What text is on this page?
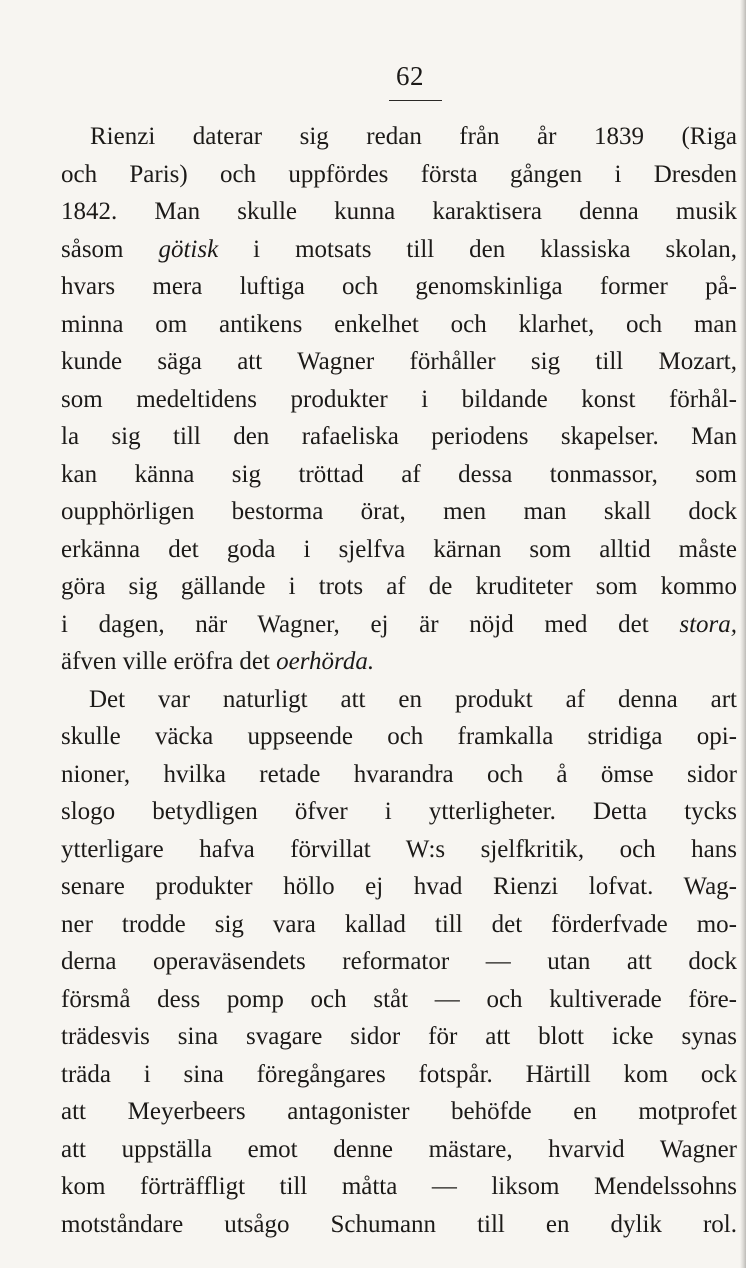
62
Rienzi daterar sig redan från år 1839 (Riga
och Paris) och uppfördes första gången i Dresden
1842. Man skulle kunna karaktisera denna musik
såsom götisk i motsats till den klassiska skolan,
hvars mera luftiga och genomskinliga former på-
minna om antikens enkelhet och klarhet, och man
kunde säga att Wagner förhåller sig till Mozart,
som medeltidens produkter i bildande konst förhål-
la sig till den rafaeliska periodens skapelser. Man
kan känna sig tröttad af dessa tonmassor, som
oupphörligen bestorma örat, men man skall dock
erkänna det goda i sjelfva kärnan som alltid måste
göra sig gällande i trots af de kruditeter som kommo
i dagen, när Wagner, ej är nöjd med det stora,
äfven ville eröfra det oerhörda.
Det var naturligt att en produkt af denna art
skulle väcka uppseende och framkalla stridiga opi-
nioner, hvilka retade hvarandra och å ömse sidor
slogo betydligen öfver i ytterligheter. Detta tycks
ytterligare hafva förvillat W:s sjelfkritik, och hans
senare produkter höllo ej hvad Rienzi lofvat. Wag-
ner trodde sig vara kallad till det förderfvade mo-
derna operaväsendets reformator — utan att dock
försmå dess pomp och ståt — och kultiverade före-
trädesvis sina svagare sidor för att blott icke synas
träda i sina föregångares fotspår. Härtill kom ock
att Meyerbeers antagonister behöfde en motprofet
att uppställa emot denne mästare, hvarvid Wagner
kom förträffligt till måtta — liksom Mendelssohns
motståndare utsågo Schumann till en dylik rol.
